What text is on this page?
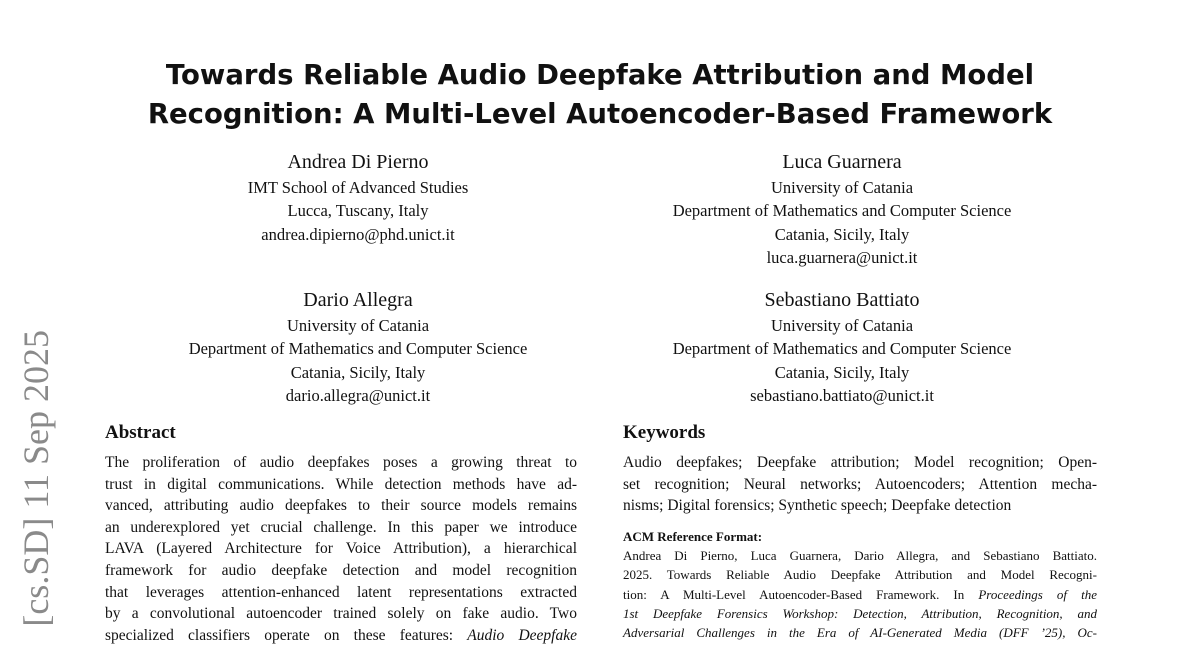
[cs.SD] 11 Sep 2025
Towards Reliable Audio Deepfake Attribution and Model
Recognition: A Multi-Level Autoencoder-Based Framework
Andrea Di Pierno
IMT School of Advanced Studies
Lucca, Tuscany, Italy
andrea.dipierno@phd.unict.it
Luca Guarnera
University of Catania
Department of Mathematics and Computer Science
Catania, Sicily, Italy
luca.guarnera@unict.it
Dario Allegra
University of Catania
Department of Mathematics and Computer Science
Catania, Sicily, Italy
dario.allegra@unict.it
Sebastiano Battiato
University of Catania
Department of Mathematics and Computer Science
Catania, Sicily, Italy
sebastiano.battiato@unict.it
Abstract
The proliferation of audio deepfakes poses a growing threat to
trust in digital communications. While detection methods have ad-
vanced, attributing audio deepfakes to their source models remains
an underexplored yet crucial challenge. In this paper we introduce
LAVA (Layered Architecture for Voice Attribution), a hierarchical
framework for audio deepfake detection and model recognition
that leverages attention-enhanced latent representations extracted
by a convolutional autoencoder trained solely on fake audio. Two
specialized classifiers operate on these features: Audio Deepfake
Keywords
Audio deepfakes; Deepfake attribution; Model recognition; Open-
set recognition; Neural networks; Autoencoders; Attention mecha-
nisms; Digital forensics; Synthetic speech; Deepfake detection
ACM Reference Format:
Andrea Di Pierno, Luca Guarnera, Dario Allegra, and Sebastiano Battiato.
2025. Towards Reliable Audio Deepfake Attribution and Model Recogni-
tion: A Multi-Level Autoencoder-Based Framework. In Proceedings of the
1st Deepfake Forensics Workshop: Detection, Attribution, Recognition, and
Adversarial Challenges in the Era of AI-Generated Media (DFF ’25), Oc-
